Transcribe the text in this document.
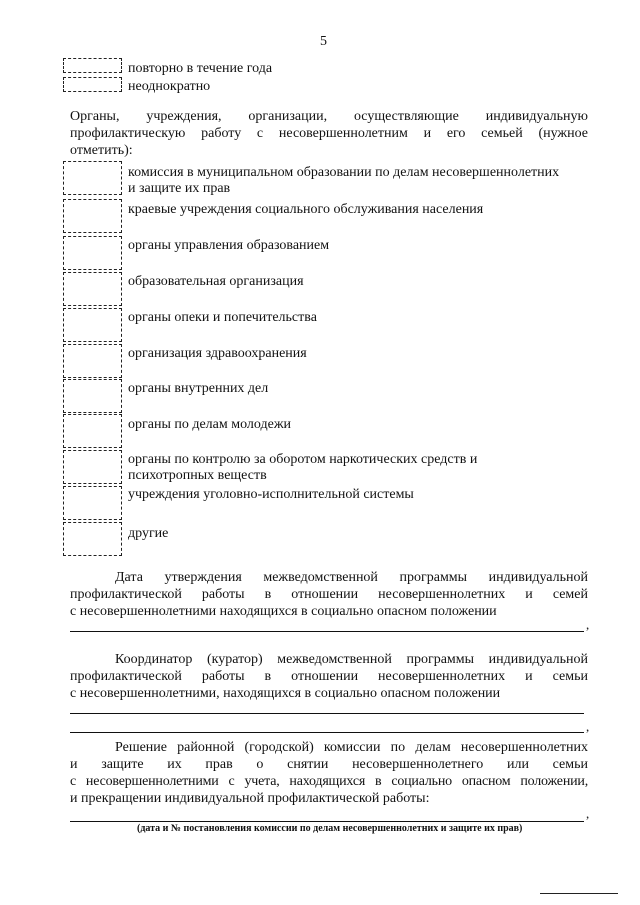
5
повторно в течение года
неоднократно
Органы, учреждения, организации, осуществляющие индивидуальную
профилактическую работу с несовершеннолетним и его семьей (нужное
отметить):
комиссия в муниципальном образовании по делам несовершеннолетних
и защите их прав
краевые учреждения социального обслуживания населения
органы управления образованием
образовательная организация
органы опеки и попечительства
организация здравоохранения
органы внутренних дел
органы по делам молодежи
органы по контролю за оборотом наркотических средств и
психотропных веществ
учреждения уголовно-исполнительной системы
другие
Дата утверждения межведомственной программы индивидуальной
профилактической работы в отношении несовершеннолетних и семей
с несовершеннолетними находящихся в социально опасном положении
,
Координатор (куратор) межведомственной программы индивидуальной
профилактической работы в отношении несовершеннолетних и семьи
с несовершеннолетними, находящихся в социально опасном положении
,
Решение районной (городской) комиссии по делам несовершеннолетних
и защите их прав о снятии несовершеннолетнего или семьи
с несовершеннолетними с учета, находящихся в социально опасном положении,
и прекращении индивидуальной профилактической работы:
,
(дата и № постановления комиссии по делам несовершеннолетних и защите их прав)
